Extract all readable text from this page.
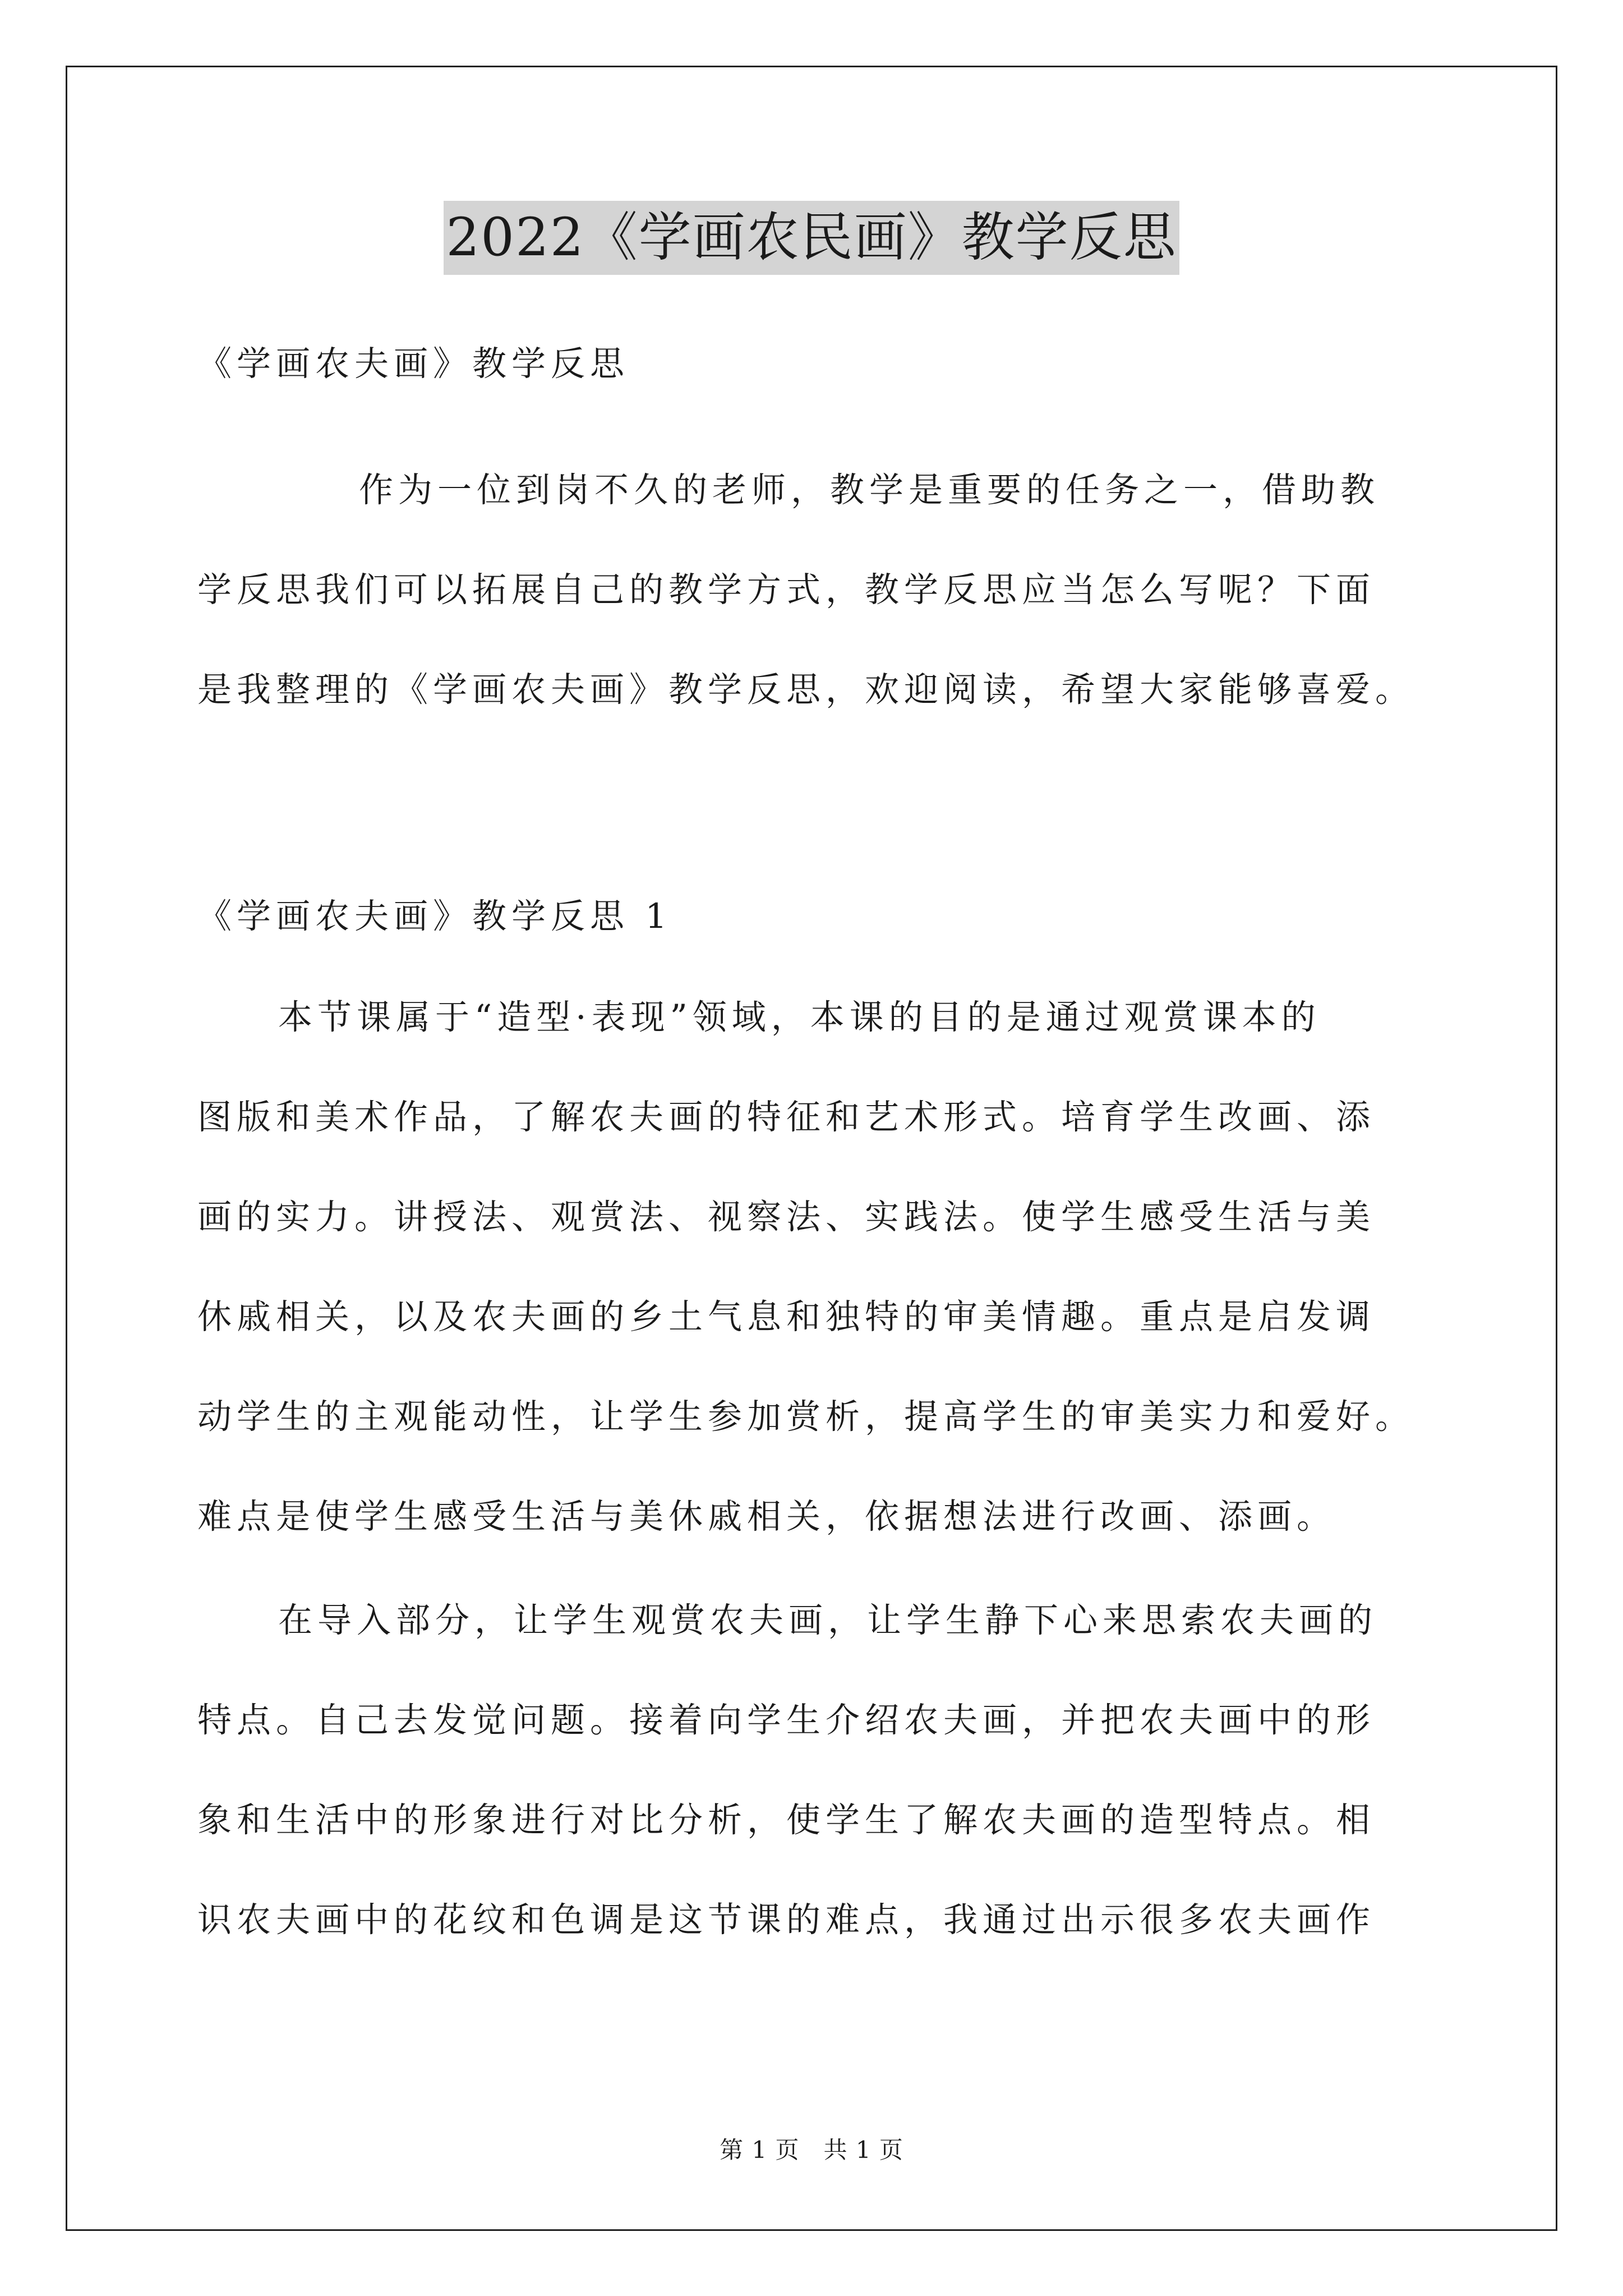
2022《学画农民画》教学反思
《学画农夫画》教学反思
作为一位到岗不久的老师，教学是重要的任务之一，借助教
学反思我们可以拓展自己的教学方式，教学反思应当怎么写呢？下面
是我整理的《学画农夫画》教学反思，欢迎阅读，希望大家能够喜爱。
《学画农夫画》教学反思 1
本节课属于“造型·表现”领域，本课的目的是通过观赏课本的
图版和美术作品，了解农夫画的特征和艺术形式。培育学生改画、添
画的实力。讲授法、观赏法、视察法、实践法。使学生感受生活与美
休戚相关，以及农夫画的乡土气息和独特的审美情趣。重点是启发调
动学生的主观能动性，让学生参加赏析，提高学生的审美实力和爱好。
难点是使学生感受生活与美休戚相关，依据想法进行改画、添画。
在导入部分，让学生观赏农夫画，让学生静下心来思索农夫画的
特点。自己去发觉问题。接着向学生介绍农夫画，并把农夫画中的形
象和生活中的形象进行对比分析，使学生了解农夫画的造型特点。相
识农夫画中的花纹和色调是这节课的难点，我通过出示很多农夫画作
第 1 页　共 1 页
